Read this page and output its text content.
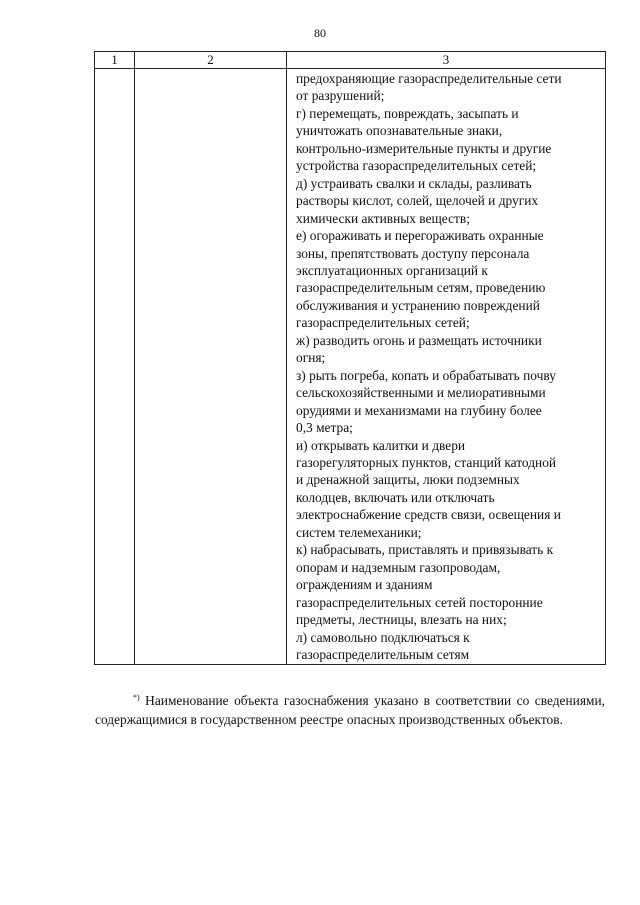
80
1	2	3
предохраняющие газораспределительные сети
от разрушений;
г) перемещать, повреждать, засыпать и
уничтожать опознавательные знаки,
контрольно-измерительные пункты и другие
устройства газораспределительных сетей;
д) устраивать свалки и склады, разливать
растворы кислот, солей, щелочей и других
химически активных веществ;
е) огораживать и перегораживать охранные
зоны, препятствовать доступу персонала
эксплуатационных организаций к
газораспределительным сетям, проведению
обслуживания и устранению повреждений
газораспределительных сетей;
ж) разводить огонь и размещать источники
огня;
з) рыть погреба, копать и обрабатывать почву
сельскохозяйственными и мелиоративными
орудиями и механизмами на глубину более
0,3 метра;
и) открывать калитки и двери
газорегуляторных пунктов, станций катодной
и дренажной защиты, люки подземных
колодцев, включать или отключать
электроснабжение средств связи, освещения и
систем телемеханики;
к) набрасывать, приставлять и привязывать к
опорам и надземным газопроводам,
ограждениям и зданиям
газораспределительных сетей посторонние
предметы, лестницы, влезать на них;
л) самовольно подключаться к
газораспределительным сетям

*) Наименование объекта газоснабжения указано в соответствии со сведениями, содержащимися в государственном реестре опасных производственных объектов.
